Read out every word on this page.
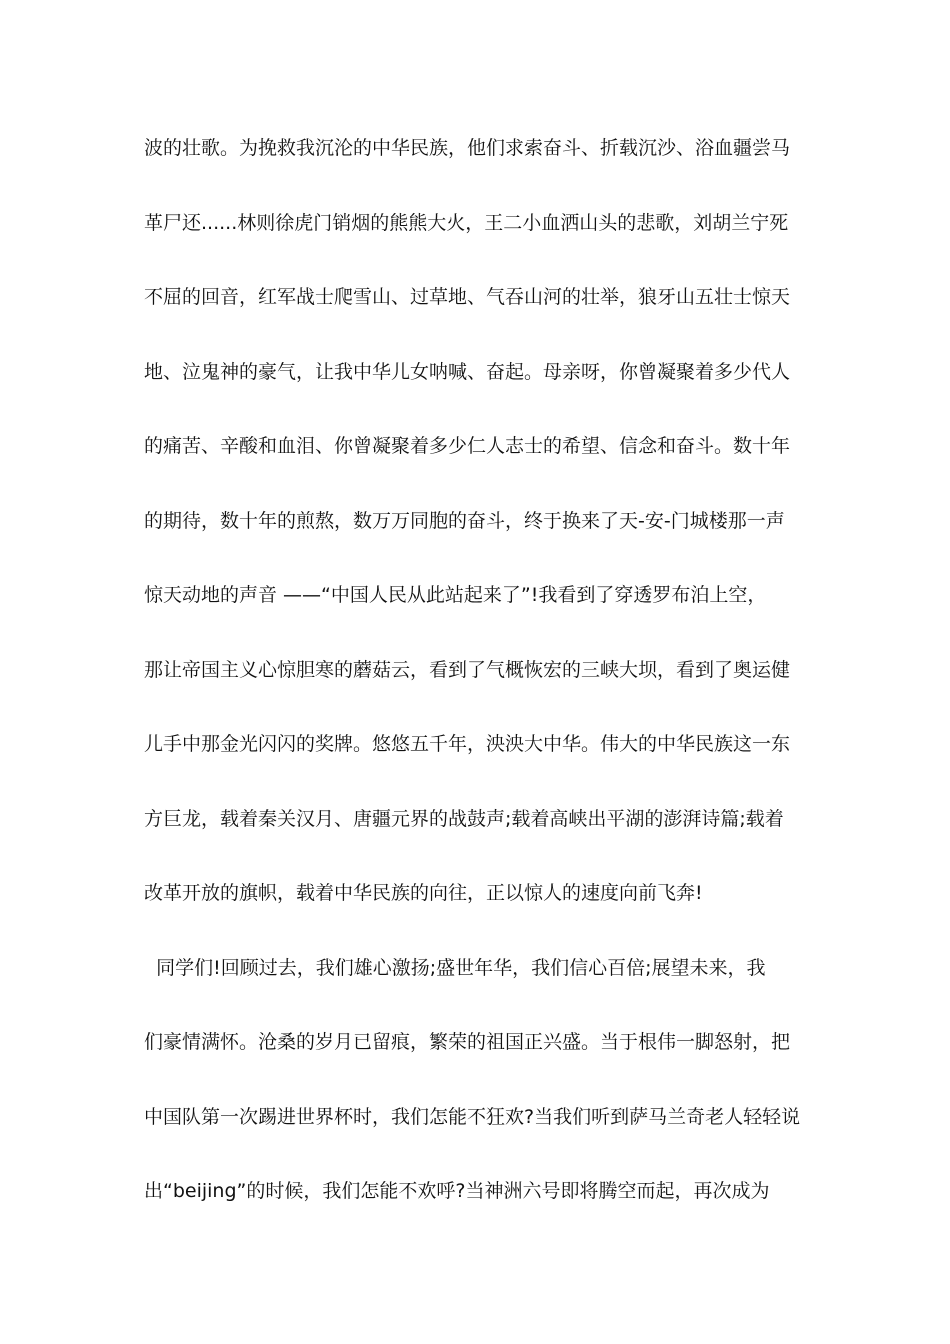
波的壮歌。为挽救我沉沦的中华民族，他们求索奋斗、折载沉沙、浴血疆尝马
革尸还......林则徐虎门销烟的熊熊大火，王二小血洒山头的悲歌，刘胡兰宁死
不屈的回音，红军战士爬雪山、过草地、气吞山河的壮举，狼牙山五壮士惊天
地、泣鬼神的豪气，让我中华儿女呐喊、奋起。母亲呀，你曾凝聚着多少代人
的痛苦、辛酸和血泪、你曾凝聚着多少仁人志士的希望、信念和奋斗。数十年
的期待，数十年的煎熬，数万万同胞的奋斗，终于换来了天-安-门城楼那一声
惊天动地的声音 ——“中国人民从此站起来了”!我看到了穿透罗布泊上空，
那让帝国主义心惊胆寒的蘑菇云，看到了气概恢宏的三峡大坝，看到了奥运健
儿手中那金光闪闪的奖牌。悠悠五千年，泱泱大中华。伟大的中华民族这一东
方巨龙，载着秦关汉月、唐疆元界的战鼓声;载着高峡出平湖的澎湃诗篇;载着
改革开放的旗帜，载着中华民族的向往，正以惊人的速度向前飞奔!
同学们!回顾过去，我们雄心激扬;盛世年华，我们信心百倍;展望未来，我
们豪情满怀。沧桑的岁月已留痕，繁荣的祖国正兴盛。当于根伟一脚怒射，把
中国队第一次踢进世界杯时，我们怎能不狂欢?当我们听到萨马兰奇老人轻轻说
出“beijing”的时候，我们怎能不欢呼?当神洲六号即将腾空而起，再次成为
